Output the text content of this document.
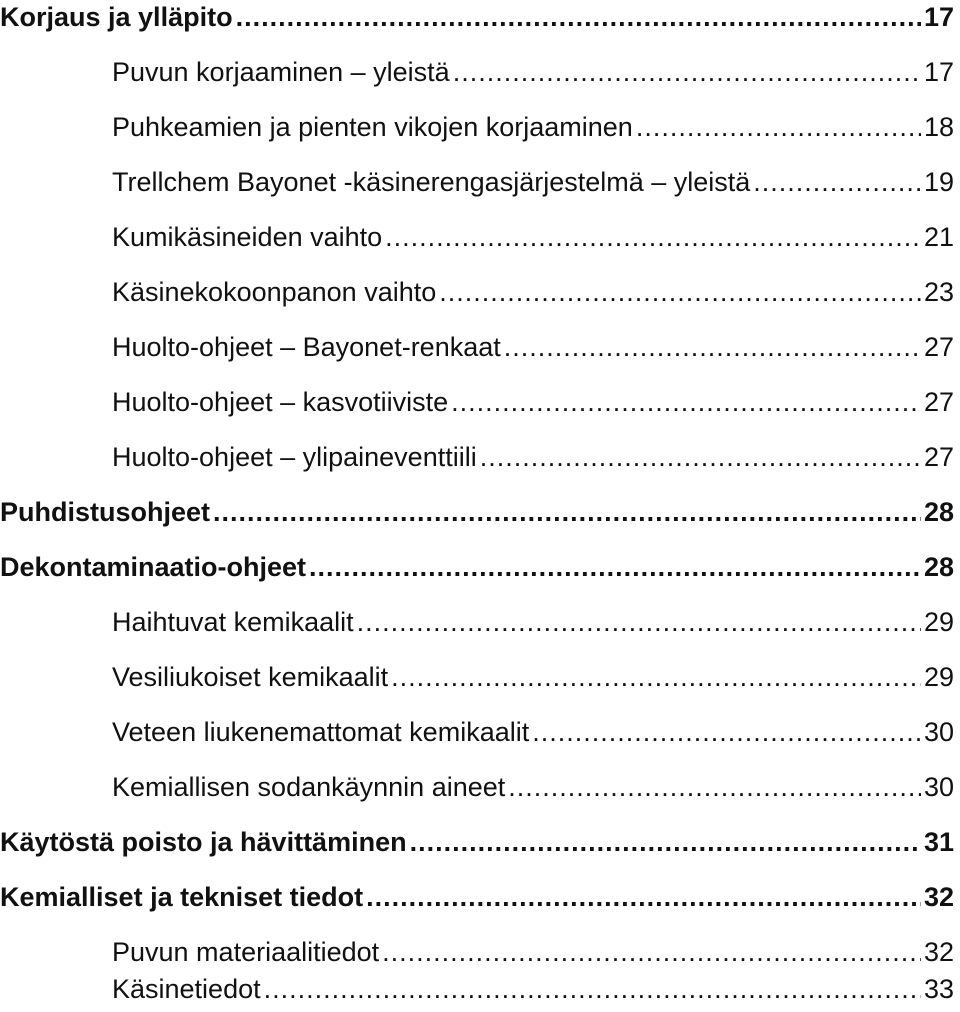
Korjaus ja ylläpito .....	17
Puvun korjaaminen – yleistä .....	17
Puhkeamien ja pienten vikojen korjaaminen .....	18
Trellchem Bayonet -käsinerengasjärjestelmä – yleistä .....	19
Kumikäsineiden vaihto .....	21
Käsinekokoonpanon vaihto .....	23
Huolto-ohjeet – Bayonet-renkaat .....	27
Huolto-ohjeet – kasvotiiviste .....	27
Huolto-ohjeet – ylipaineventtiili .....	27
Puhdistusohjeet .....	28
Dekontaminaatio-ohjeet .....	28
Haihtuvat kemikaalit .....	29
Vesiliukoiset kemikaalit .....	29
Veteen liukenemattomat kemikaalit .....	30
Kemiallisen sodankäynnin aineet .....	30
Käytöstä poisto ja hävittäminen .....	31
Kemialliset ja tekniset tiedot .....	32
Puvun materiaalitiedot .....	32
Käsinetiedot .....	33
